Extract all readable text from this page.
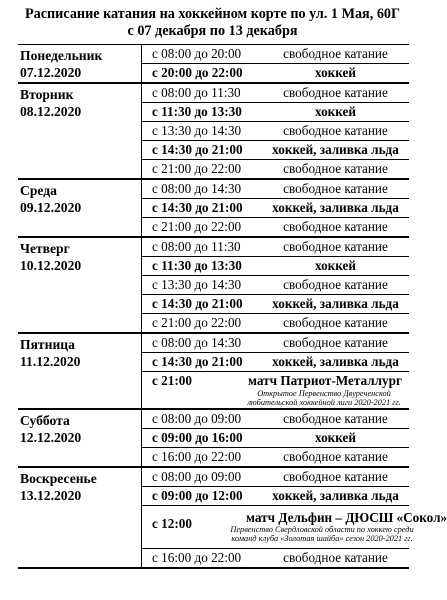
Расписание катания на хоккейном корте по ул. 1 Мая, 60Г
с 07 декабря по 13 декабря
Понедельник
07.12.2020
с 08:00 до 20:00	свободное катание
с 20:00 до 22:00	хоккей
Вторник
08.12.2020
с 08:00 до 11:30	свободное катание
с 11:30 до 13:30	хоккей
с 13:30 до 14:30	свободное катание
с 14:30 до 21:00	хоккей, заливка льда
с 21:00 до 22:00	свободное катание
Среда
09.12.2020
с 08:00 до 14:30	свободное катание
с 14:30 до 21:00	хоккей, заливка льда
с 21:00 до 22:00	свободное катание
Четверг
10.12.2020
с 08:00 до 11:30	свободное катание
с 11:30 до 13:30	хоккей
с 13:30 до 14:30	свободное катание
с 14:30 до 21:00	хоккей, заливка льда
с 21:00 до 22:00	свободное катание
Пятница
11.12.2020
с 08:00 до 14:30	свободное катание
с 14:30 до 21:00	хоккей, заливка льда
с 21:00	матч Патриот-Металлург
Открытое Первенство Двуреченской любительской хоккейной лиги 2020-2021 гг.
Суббота
12.12.2020
с 08:00 до 09:00	свободное катание
с 09:00 до 16:00	хоккей
с 16:00 до 22:00	свободное катание
Воскресенье
13.12.2020
с 08:00 до 09:00	свободное катание
с 09:00 до 12:00	хоккей, заливка льда
с 12:00	матч Дельфин – ДЮСШ «Сокол»
Первенство Свердловской области по хоккею среди команд клуба «Золотая шайба» сезон 2020-2021 гг.
с 16:00 до 22:00	свободное катание
